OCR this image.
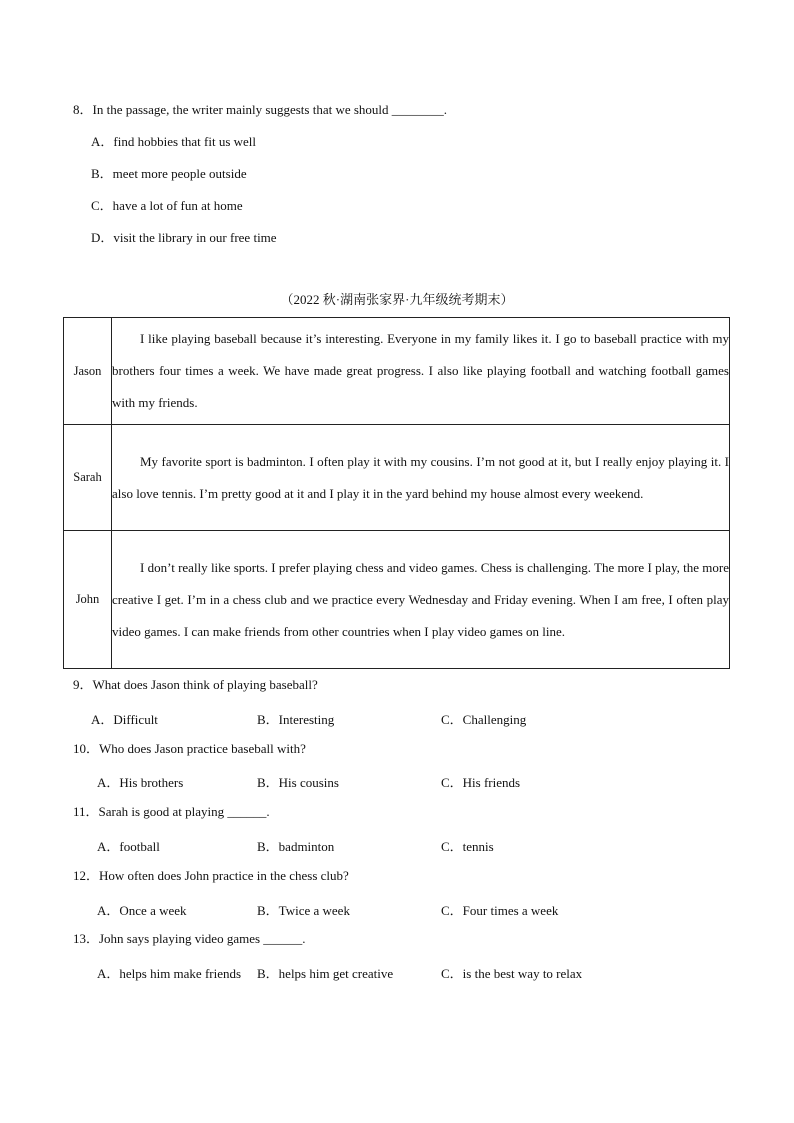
8．In the passage, the writer mainly suggests that we should ________.
A．find hobbies that fit us well
B．meet more people outside
C．have a lot of fun at home
D．visit the library in our free time
（2022 秋·湖南张家界·九年级统考期末）
Jason	I like playing baseball because it’s interesting. Everyone in my family likes it. I go to baseball practice with my brothers four times a week. We have made great progress. I also like playing football and watching football games with my friends.

Sarah	My favorite sport is badminton. I often play it with my cousins. I’m not good at it, but I really enjoy playing it. I also love tennis. I’m pretty good at it and I play it in the yard behind my house almost every weekend.

John	I don’t really like sports. I prefer playing chess and video games. Chess is challenging. The more I play, the more creative I get. I’m in a chess club and we practice every Wednesday and Friday evening. When I am free, I often play video games. I can make friends from other countries when I play video games on line.

9．What does Jason think of playing baseball?
A．Difficult	B．Interesting	C．Challenging
10．Who does Jason practice baseball with?
A．His brothers	B．His cousins	C．His friends
11．Sarah is good at playing ______.
A．football	B．badminton	C．tennis
12．How often does John practice in the chess club?
A．Once a week	B．Twice a week	C．Four times a week
13．John says playing video games ______.
A．helps him make friends B．helps him get creative	C．is the best way to relax
